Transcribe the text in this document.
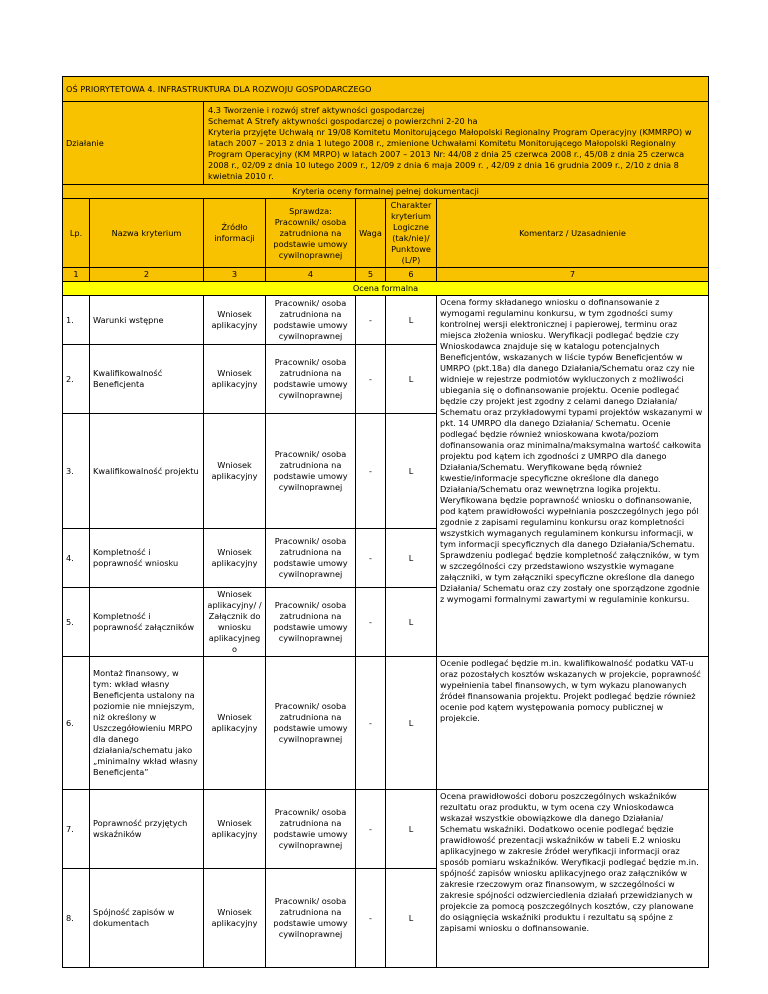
OŚ PRIORYTETOWA 4. INFRASTRUKTURA DLA ROZWOJU GOSPODARCZEGO						
Działanie		4.3 Tworzenie i rozwój stref aktywności gospodarczej
Schemat A Strefy aktywności gospodarczej o powierzchni 2-20 ha
Kryteria przyjęte Uchwałą nr 19/08 Komitetu Monitorującego Małopolski Regionalny Program Operacyjny (KMMRPO) w latach 2007 – 2013 z dnia 1 lutego 2008 r., zmienione Uchwałami Komitetu Monitorującego Małopolski Regionalny Program Operacyjny (KM MRPO) w latach 2007 – 2013 Nr: 44/08 z dnia 25 czerwca 2008 r., 45/08 z dnia 25 czerwca 2008 r., 02/09 z dnia 10 lutego 2009 r., 12/09 z dnia 6 maja 2009 r. , 42/09 z dnia 16 grudnia 2009 r., 2/10 z dnia 8 kwietnia 2010 r.				

Kryteria oceny formalnej pełnej dokumentacji						
Lp.	Nazwa kryterium	Źródło informacji	Sprawdza: Pracownik/ osoba zatrudniona na podstawie umowy cywilnoprawnej	Waga	Charakter kryterium Logiczne (tak/nie)/ Punktowe (L/P)	Komentarz / Uzasadnienie
1	2	3	4	5	6	7
Ocena formalna						
1.	Warunki wstępne	Wniosek aplikacyjny	Pracownik/ osoba zatrudniona na podstawie umowy cywilnoprawnej	-	L	Ocena formy składanego wniosku o dofinansowanie z wymogami regulaminu konkursu, w tym zgodności sumy kontrolnej wersji elektronicznej i papierowej, terminu oraz miejsca złożenia wniosku. Weryfikacji podlegać będzie czy Wnioskodawca znajduje się w katalogu potencjalnych Beneficjentów, wskazanych w liście typów Beneficjentów w UMRPO (pkt.18a) dla danego Działania/Schematu oraz czy nie widnieje w rejestrze podmiotów wykluczonych z możliwości ubiegania się o dofinansowanie projektu. Ocenie podlegać będzie czy projekt jest zgodny z celami danego Działania/ Schematu oraz przykładowymi typami projektów wskazanymi w pkt. 14 UMRPO dla danego Działania/ Schematu. Ocenie podlegać będzie również wnioskowana kwota/poziom dofinansowania oraz minimalna/maksymalna wartość całkowita projektu pod kątem ich zgodności z UMRPO dla danego Działania/Schematu. Weryfikowane będą również kwestie/informacje specyficzne określone dla danego Działania/Schematu oraz wewnętrzna logika projektu. Weryfikowana będzie poprawność wniosku o dofinansowanie, pod kątem prawidłowości wypełniania poszczególnych jego pól zgodnie z zapisami regulaminu konkursu oraz kompletności wszystkich wymaganych regulaminem konkursu informacji, w tym informacji specyficznych dla danego Działania/Schematu. Sprawdzeniu podlegać będzie kompletność załączników, w tym w szczególności czy przedstawiono wszystkie wymagane załączniki, w tym załączniki specyficzne określone dla danego Działania/ Schematu oraz czy zostały one sporządzone zgodnie z wymogami formalnymi zawartymi w regulaminie konkursu.
2.	Kwalifikowalność Beneficjenta	Wniosek aplikacyjny	Pracownik/ osoba zatrudniona na podstawie umowy cywilnoprawnej	-	L	
3.	Kwalifikowalność projektu	Wniosek aplikacyjny	Pracownik/ osoba zatrudniona na podstawie umowy cywilnoprawnej	-	L	
4.	Kompletność i poprawność wniosku	Wniosek aplikacyjny	Pracownik/ osoba zatrudniona na podstawie umowy cywilnoprawnej	-	L	
5.	Kompletność i poprawność załączników	Wniosek aplikacyjny/ / Załącznik do wniosku aplikacyjneg o	Pracownik/ osoba zatrudniona na podstawie umowy cywilnoprawnej	-	L	
6.	Montaż finansowy, w tym: wkład własny Beneficjenta ustalony na poziomie nie mniejszym, niż określony w Uszczegółowieniu MRPO dla danego działania/schematu jako „minimalny wkład własny Beneficjenta”	Wniosek aplikacyjny	Pracownik/ osoba zatrudniona na podstawie umowy cywilnoprawnej	-	L	Ocenie podlegać będzie m.in. kwalifikowalność podatku VAT-u oraz pozostałych kosztów wskazanych w projekcie, poprawność wypełnienia tabel finansowych, w tym wykazu planowanych źródeł finansowania projektu. Projekt podlegać będzie również ocenie pod kątem występowania pomocy publicznej w projekcie.
7.	Poprawność przyjętych wskaźników	Wniosek aplikacyjny	Pracownik/ osoba zatrudniona na podstawie umowy cywilnoprawnej	-	L	Ocena prawidłowości doboru poszczególnych wskaźników rezultatu oraz produktu, w tym ocena czy Wnioskodawca wskazał wszystkie obowiązkowe dla danego Działania/ Schematu wskaźniki. Dodatkowo ocenie podlegać będzie prawidłowość prezentacji wskaźników w tabeli E.2 wniosku aplikacyjnego w zakresie źródeł weryfikacji informacji oraz sposób pomiaru wskaźników. Weryfikacji podlegać będzie m.in. spójność zapisów wniosku aplikacyjnego oraz załączników w zakresie rzeczowym oraz finansowym, w szczególności w zakresie spójności odzwierciedlenia działań przewidzianych w projekcie za pomocą poszczególnych kosztów, czy planowane do osiągnięcia wskaźniki produktu i rezultatu są spójne z zapisami wniosku o dofinansowanie.
8.	Spójność zapisów w dokumentach	Wniosek aplikacyjny	Pracownik/ osoba zatrudniona na podstawie umowy cywilnoprawnej	-	L	
